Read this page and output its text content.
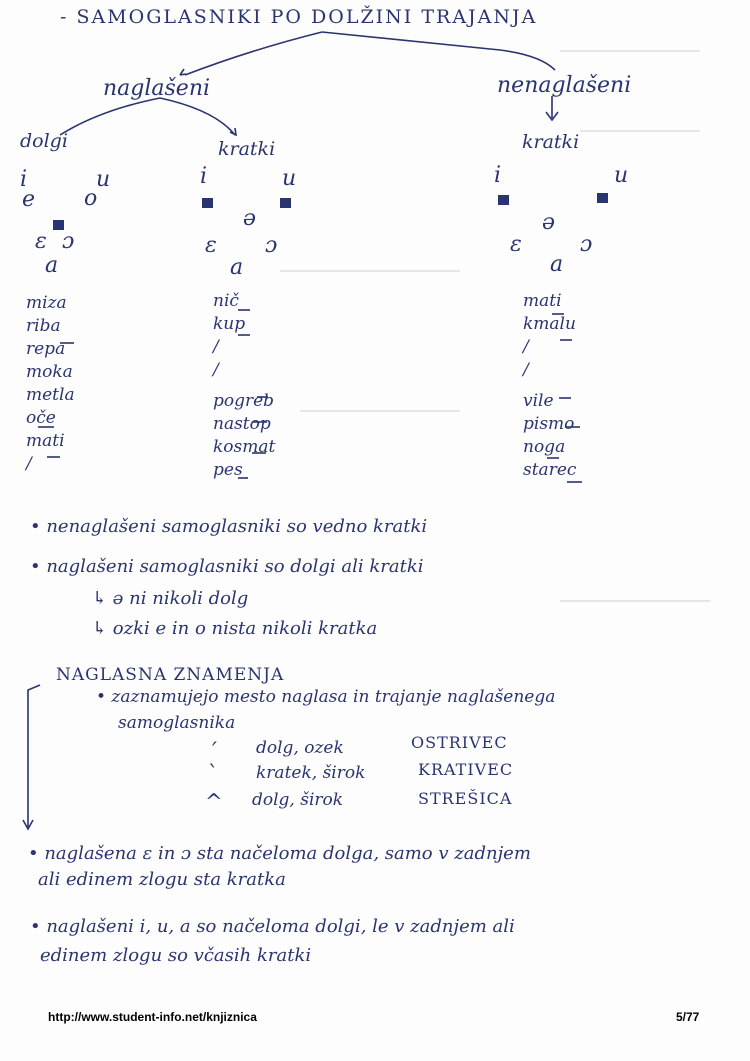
- SAMOGLASNIKI PO DOLŽINI TRAJANJA
naglašeni	nenaglašeni
dolgi	kratki	kratki
i	u
e o
ɛ ɔ
a
i	u
ə
ɛ ɔ
a
i	u
ə
ɛ	ɔ
a
miza
riba
repa
moka
metla
oče
mati
/
nič
kup
/
/
pogreb
nastop
kosmat
pes
mati
kmalu
/
/
vile
pismo
noga
starec
• nenaglašeni samoglasniki so vedno kratki
• naglašeni samoglasniki so dolgi ali kratki
↳ ə ni nikoli dolg
↳ ozki e in o nista nikoli kratka
NAGLASNA ZNAMENJA
• zaznamujejo mesto naglasa in trajanje naglašenega
samoglasnika
´ dolg, ozek	OSTRIVEC
` kratek, širok	KRATIVEC
^ dolg, širok	STREŠICA
• naglašena ɛ in ɔ sta načeloma dolga, samo v zadnjem
ali edinem zlogu sta kratka
• naglašeni i, u, a so načeloma dolgi, le v zadnjem ali
edinem zlogu so včasih kratki
http://www.student-info.net/knjiznica	5/77
